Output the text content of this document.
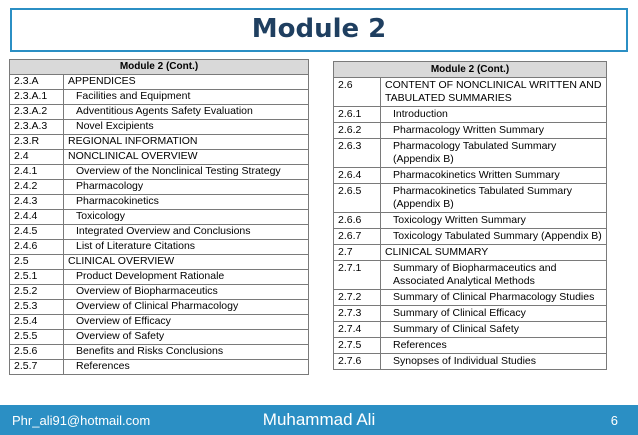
Module 2
Module 2 (Cont.)	
2.3.A	APPENDICES
2.3.A.1	Facilities and Equipment
2.3.A.2	Adventitious Agents Safety Evaluation
2.3.A.3	Novel Excipients
2.3.R	REGIONAL INFORMATION
2.4	NONCLINICAL OVERVIEW
2.4.1	Overview of the Nonclinical Testing Strategy
2.4.2	Pharmacology
2.4.3	Pharmacokinetics
2.4.4	Toxicology
2.4.5	Integrated Overview and Conclusions
2.4.6	List of Literature Citations
2.5	CLINICAL OVERVIEW
2.5.1	Product Development Rationale
2.5.2	Overview of Biopharmaceutics
2.5.3	Overview of Clinical Pharmacology
2.5.4	Overview of Efficacy
2.5.5	Overview of Safety
2.5.6	Benefits and Risks Conclusions
2.5.7	References
Module 2 (Cont.)	
2.6	CONTENT OF NONCLINICAL WRITTEN AND TABULATED SUMMARIES
2.6.1	Introduction
2.6.2	Pharmacology Written Summary
2.6.3	Pharmacology Tabulated Summary (Appendix B)
2.6.4	Pharmacokinetics Written Summary
2.6.5	Pharmacokinetics Tabulated Summary (Appendix B)
2.6.6	Toxicology Written Summary
2.6.7	Toxicology Tabulated Summary (Appendix B)
2.7	CLINICAL SUMMARY
2.7.1	Summary of Biopharmaceutics and Associated Analytical Methods
2.7.2	Summary of Clinical Pharmacology Studies
2.7.3	Summary of Clinical Efficacy
2.7.4	Summary of Clinical Safety
2.7.5	References
2.7.6	Synopses of Individual Studies
Phr_ali91@hotmail.com	Muhammad Ali	6
